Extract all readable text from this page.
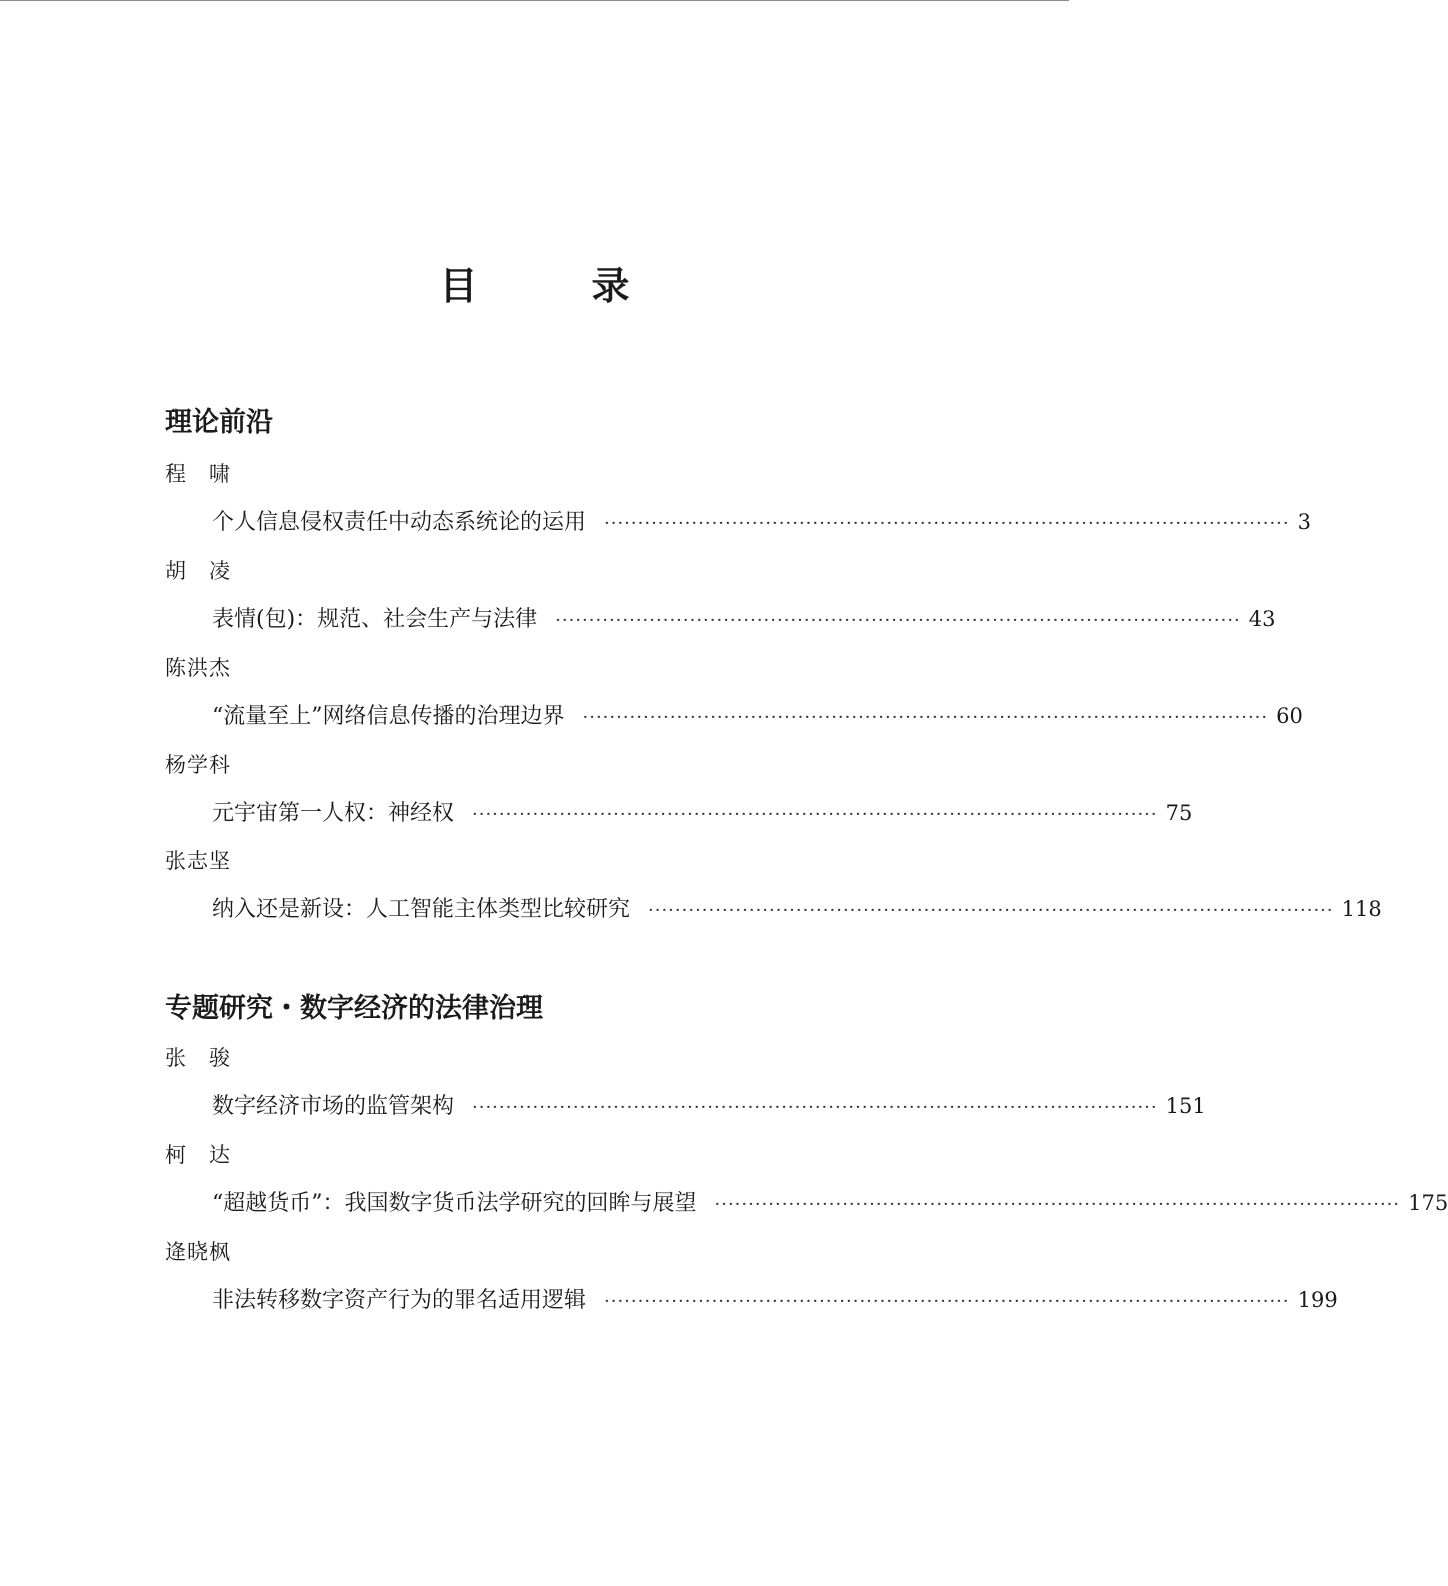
目　录
理论前沿
程　啸
个人信息侵权责任中动态系统论的运用 ······································································································ 3
胡　凌
表情(包)：规范、社会生产与法律 ······································································································ 43
陈洪杰
“流量至上”网络信息传播的治理边界 ······································································································ 60
杨学科
元宇宙第一人权：神经权 ······································································································ 75
张志坚
纳入还是新设：人工智能主体类型比较研究 ······································································································ 118
专题研究・数字经济的法律治理
张　骏
数字经济市场的监管架构 ······································································································ 151
柯　达
“超越货币”：我国数字货币法学研究的回眸与展望 ······································································································ 175
逄晓枫
非法转移数字资产行为的罪名适用逻辑 ······································································································ 199
